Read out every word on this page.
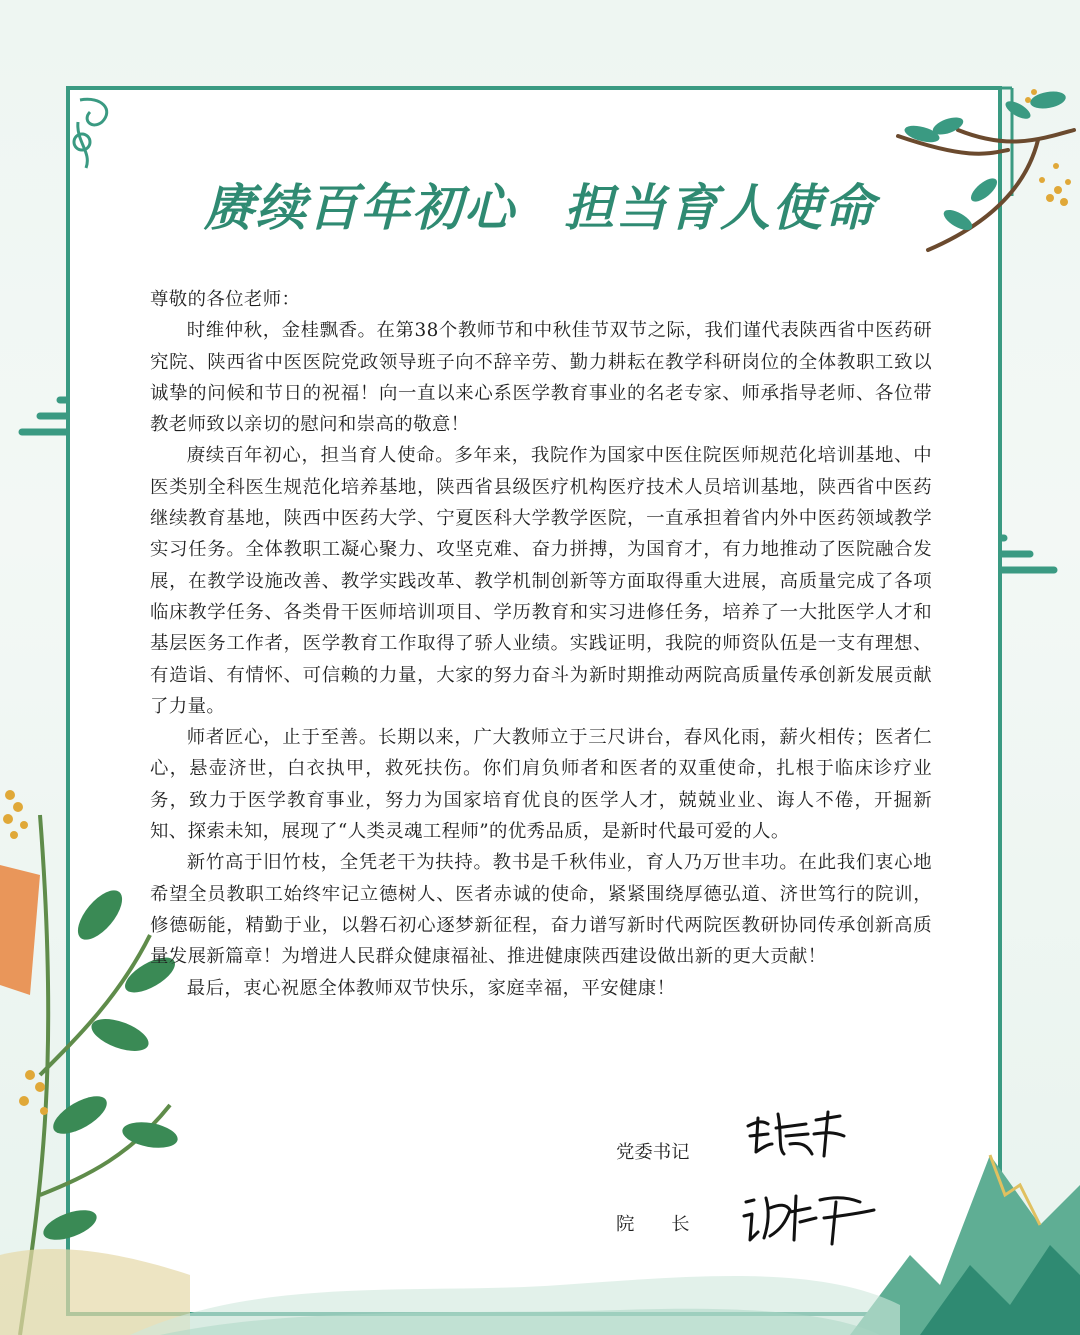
赓续百年初心 担当育人使命

尊敬的各位老师：

时维仲秋，金桂飘香。在第38个教师节和中秋佳节双节之际，我们谨代表陕西省中医药研究院、陕西省中医医院党政领导班子向不辞辛劳、勤力耕耘在教学科研岗位的全体教职工致以诚挚的问候和节日的祝福！向一直以来心系医学教育事业的名老专家、师承指导老师、各位带教老师致以亲切的慰问和崇高的敬意！

赓续百年初心，担当育人使命。多年来，我院作为国家中医住院医师规范化培训基地、中医类别全科医生规范化培养基地，陕西省县级医疗机构医疗技术人员培训基地，陕西省中医药继续教育基地，陕西中医药大学、宁夏医科大学教学医院，一直承担着省内外中医药领域教学实习任务。全体教职工凝心聚力、攻坚克难、奋力拼搏，为国育才，有力地推动了医院融合发展，在教学设施改善、教学实践改革、教学机制创新等方面取得重大进展，高质量完成了各项临床教学任务、各类骨干医师培训项目、学历教育和实习进修任务，培养了一大批医学人才和基层医务工作者，医学教育工作取得了骄人业绩。实践证明，我院的师资队伍是一支有理想、有造诣、有情怀、可信赖的力量，大家的努力奋斗为新时期推动两院高质量传承创新发展贡献了力量。

师者匠心，止于至善。长期以来，广大教师立于三尺讲台，春风化雨，薪火相传；医者仁心，悬壶济世，白衣执甲，救死扶伤。你们肩负师者和医者的双重使命，扎根于临床诊疗业务，致力于医学教育事业，努力为国家培育优良的医学人才，兢兢业业、诲人不倦，开掘新知、探索未知，展现了“人类灵魂工程师”的优秀品质，是新时代最可爱的人。

新竹高于旧竹枝，全凭老干为扶持。教书是千秋伟业，育人乃万世丰功。在此我们衷心地希望全员教职工始终牢记立德树人、医者赤诚的使命，紧紧围绕厚德弘道、济世笃行的院训，修德砺能，精勤于业，以磐石初心逐梦新征程，奋力谱写新时代两院医教研协同传承创新高质量发展新篇章！为增进人民群众健康福祉、推进健康陕西建设做出新的更大贡献！

最后，衷心祝愿全体教师双节快乐，家庭幸福，平安健康！

党委书记
院　　长
